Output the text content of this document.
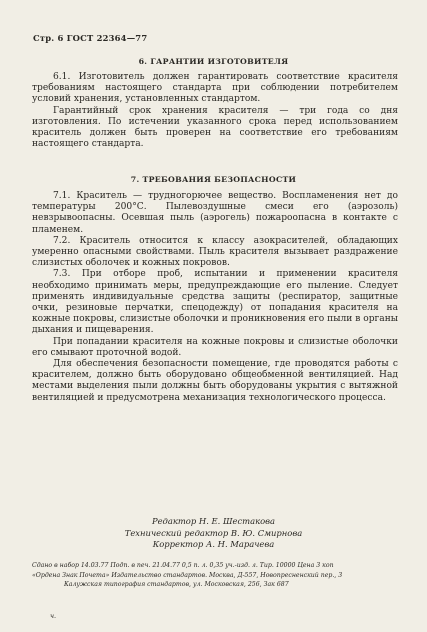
Стр. 6 ГОСТ 22364—77
6. ГАРАНТИИ ИЗГОТОВИТЕЛЯ

6.1. Изготовитель должен гарантировать соответствие красителя требованиям настоящего стандарта при соблюдении потребителем условий хранения, установленных стандартом.

Гарантийный срок хранения красителя — три года со дня изготовления. По истечении указанного срока перед использованием краситель должен быть проверен на соответствие его требованиям настоящего стандарта.

7. ТРЕБОВАНИЯ БЕЗОПАСНОСТИ

7.1. Краситель — трудногорючее вещество. Воспламенения нет до температуры 200°С. Пылевоздушные смеси его (аэрозоль) невзрывоопасны. Осевшая пыль (аэрогель) пожароопасна в контакте с пламенем.

7.2. Краситель относится к классу азокрасителей, обладающих умеренно опасными свойствами. Пыль красителя вызывает раздражение слизистых оболочек и кожных покровов.

7.3. При отборе проб, испытании и применении красителя необходимо принимать меры, предупреждающие его пыление. Следует применять индивидуальные средства защиты (респиратор, защитные очки, резиновые перчатки, спецодежду) от попадания красителя на кожные покровы, слизистые оболочки и проникновения его пыли в органы дыхания и пищеварения.

При попадании красителя на кожные покровы и слизистые оболочки его смывают проточной водой.

Для обеспечения безопасности помещение, где проводятся работы с красителем, должно быть оборудовано общеобменной вентиляцией. Над местами выделения пыли должны быть оборудованы укрытия с вытяжной вентиляцией и предусмотрена механизация технологического процесса.

Редактор Н. Е. Шестакова
Технический редактор В. Ю. Смирнова
Корректор А. Н. Марачева
Сдано в набор 14.03.77 Подп. в печ. 21.04.77 0,5 п. л. 0,35 уч.-изд. л. Тир. 10000 Цена 3 коп
«Ордена Знак Почета» Издательство стандартов. Москва, Д-557, Новопресненский пер., 3
Калужская типография стандартов, ул. Московская, 256, Зак 687
ч.
